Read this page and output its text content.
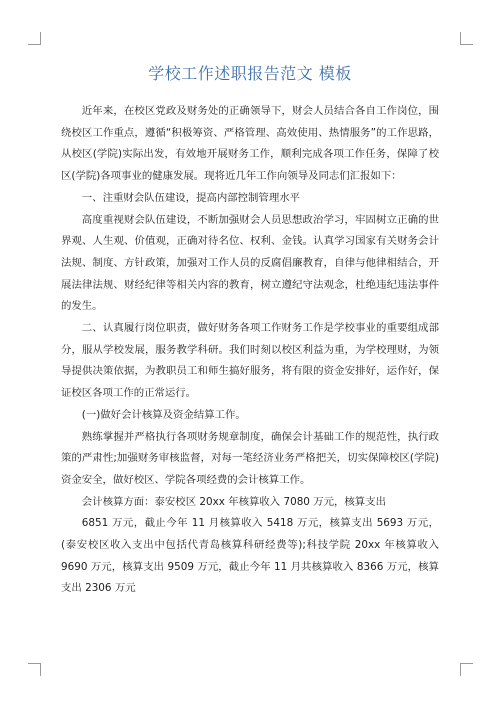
学校工作述职报告范文 模板

近年来，在校区党政及财务处的正确领导下，财会人员结合各自工作岗位，围绕校区工作重点，遵循“积极筹资、严格管理、高效使用、热情服务”的工作思路，从校区(学院)实际出发，有效地开展财务工作，顺利完成各项工作任务，保障了校区(学院)各项事业的健康发展。现将近几年工作向领导及同志们汇报如下：

一、注重财会队伍建设，提高内部控制管理水平

高度重视财会队伍建设，不断加强财会人员思想政治学习，牢固树立正确的世界观、人生观、价值观，正确对待名位、权利、金钱。认真学习国家有关财务会计法规、制度、方针政策，加强对工作人员的反腐倡廉教育，自律与他律相结合，开展法律法规、财经纪律等相关内容的教育，树立遵纪守法观念，杜绝违纪违法事件的发生。

二、认真履行岗位职责，做好财务各项工作财务工作是学校事业的重要组成部分，服从学校发展，服务教学科研。我们时刻以校区利益为重，为学校理财，为领导提供决策依据，为教职员工和师生搞好服务，将有限的资金安排好，运作好，保证校区各项工作的正常运行。

(一)做好会计核算及资金结算工作。

熟练掌握并严格执行各项财务规章制度，确保会计基础工作的规范性，执行政策的严肃性;加强财务审核监督，对每一笔经济业务严格把关，切实保障校区(学院)资金安全，做好校区、学院各项经费的会计核算工作。

会计核算方面：泰安校区 20xx 年核算收入 7080 万元，核算支出

6851 万元，截止今年 11 月核算收入 5418 万元，核算支出 5693 万元，(泰安校区收入支出中包括代青岛核算科研经费等);科技学院 20xx 年核算收入 9690 万元，核算支出 9509 万元，截止今年 11 月共核算收入 8366 万元，核算支出 2306 万元
